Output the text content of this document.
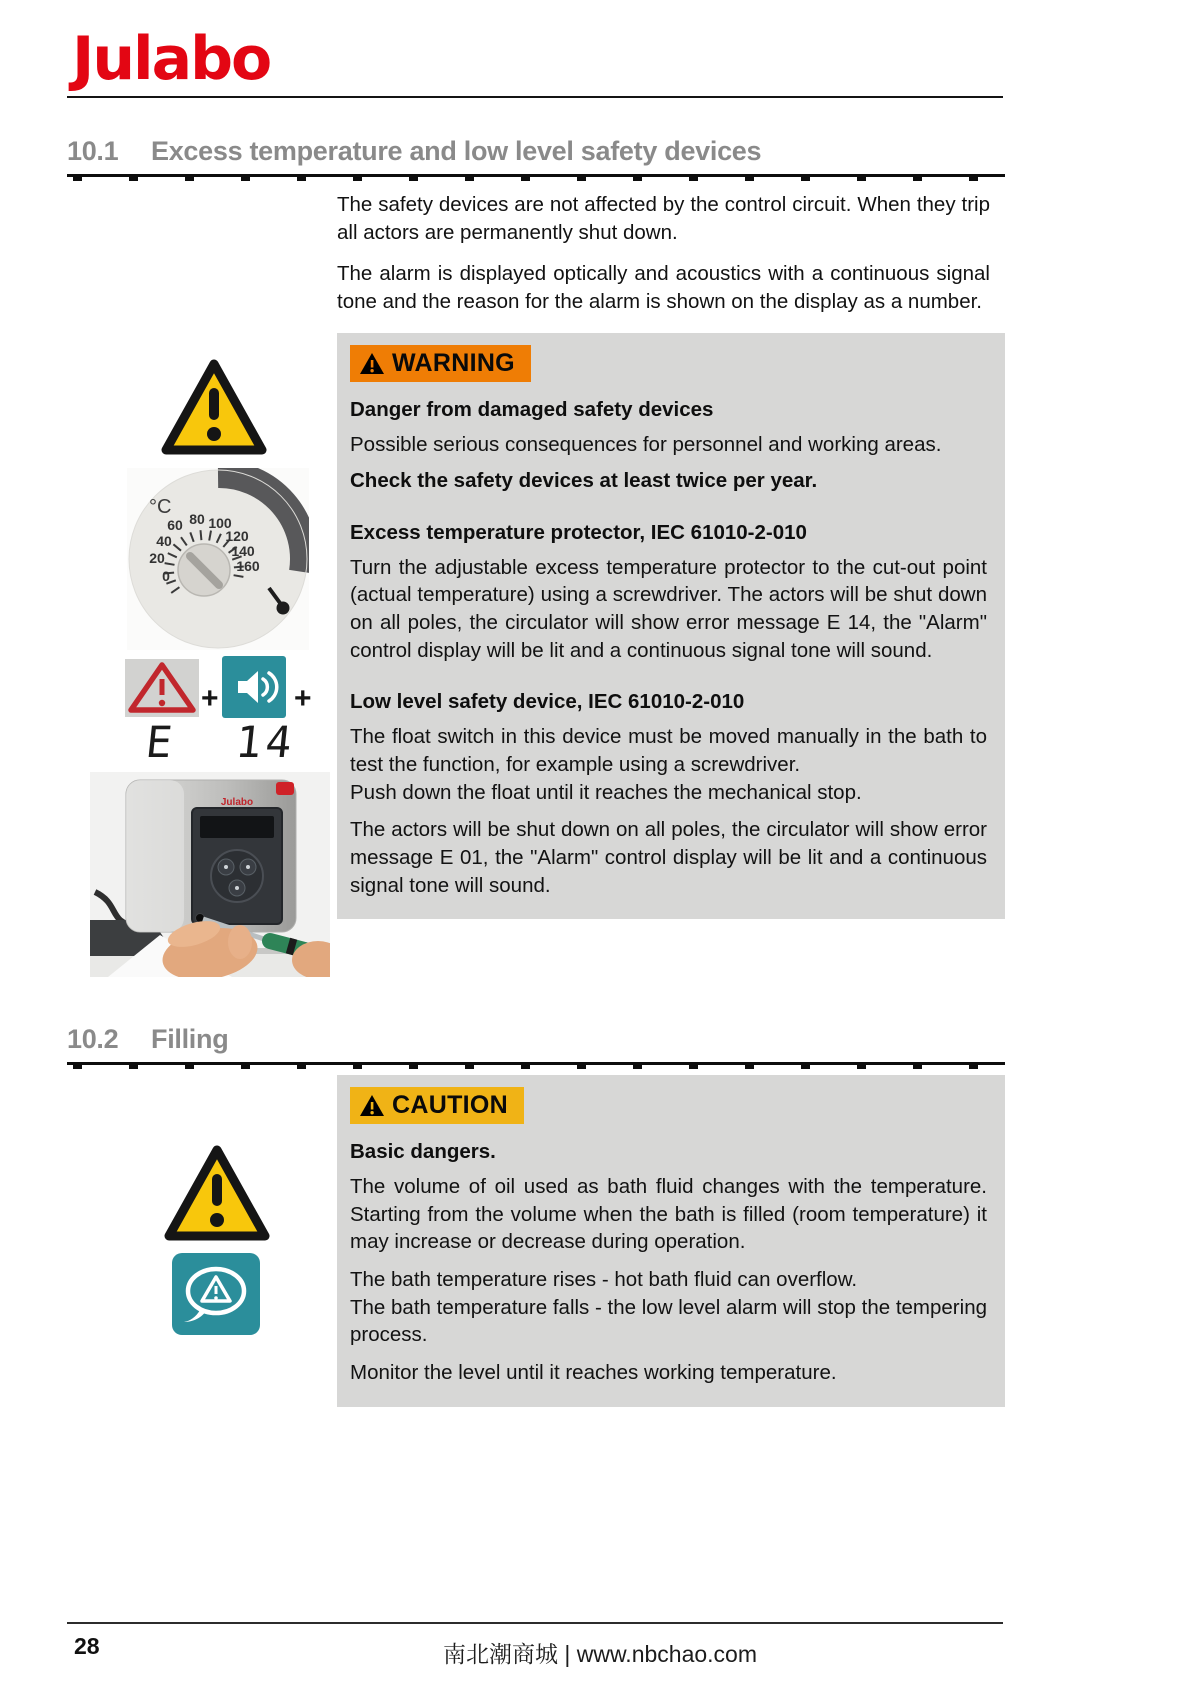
Julabo
10.1 Excess temperature and low level safety devices

The safety devices are not affected by the control circuit. When they trip all actors are permanently shut down.

The alarm is displayed optically and acoustics with a continuous signal tone and the reason for the alarm is shown on the display as a number.

WARNING
Danger from damaged safety devices
Possible serious consequences for personnel and working areas.
Check the safety devices at least twice per year.
Excess temperature protector, IEC 61010-2-010
Turn the adjustable excess temperature protector to the cut-out point (actual temperature) using a screwdriver. The actors will be shut down on all poles, the circulator will show error message E 14, the "Alarm" control display will be lit and a continuous signal tone will sound.
Low level safety device, IEC 61010-2-010
The float switch in this device must be moved manually in the bath to test the function, for example using a screwdriver.
Push down the float until it reaches the mechanical stop.
The actors will be shut down on all poles, the circulator will show error message E 01, the "Alarm" control display will be lit and a continuous signal tone will sound.
°C
0
20
40
60 80 100
120
140
160
+	+
E  14
Julabo
10.2 Filling
CAUTION
Basic dangers.
The volume of oil used as bath fluid changes with the temperature. Starting from the volume when the bath is filled (room temperature) it may increase or decrease during operation.
The bath temperature rises - hot bath fluid can overflow.
The bath temperature falls - the low level alarm will stop the tempering process.
Monitor the level until it reaches working temperature.
28	南北潮商城 | www.nbchao.com
